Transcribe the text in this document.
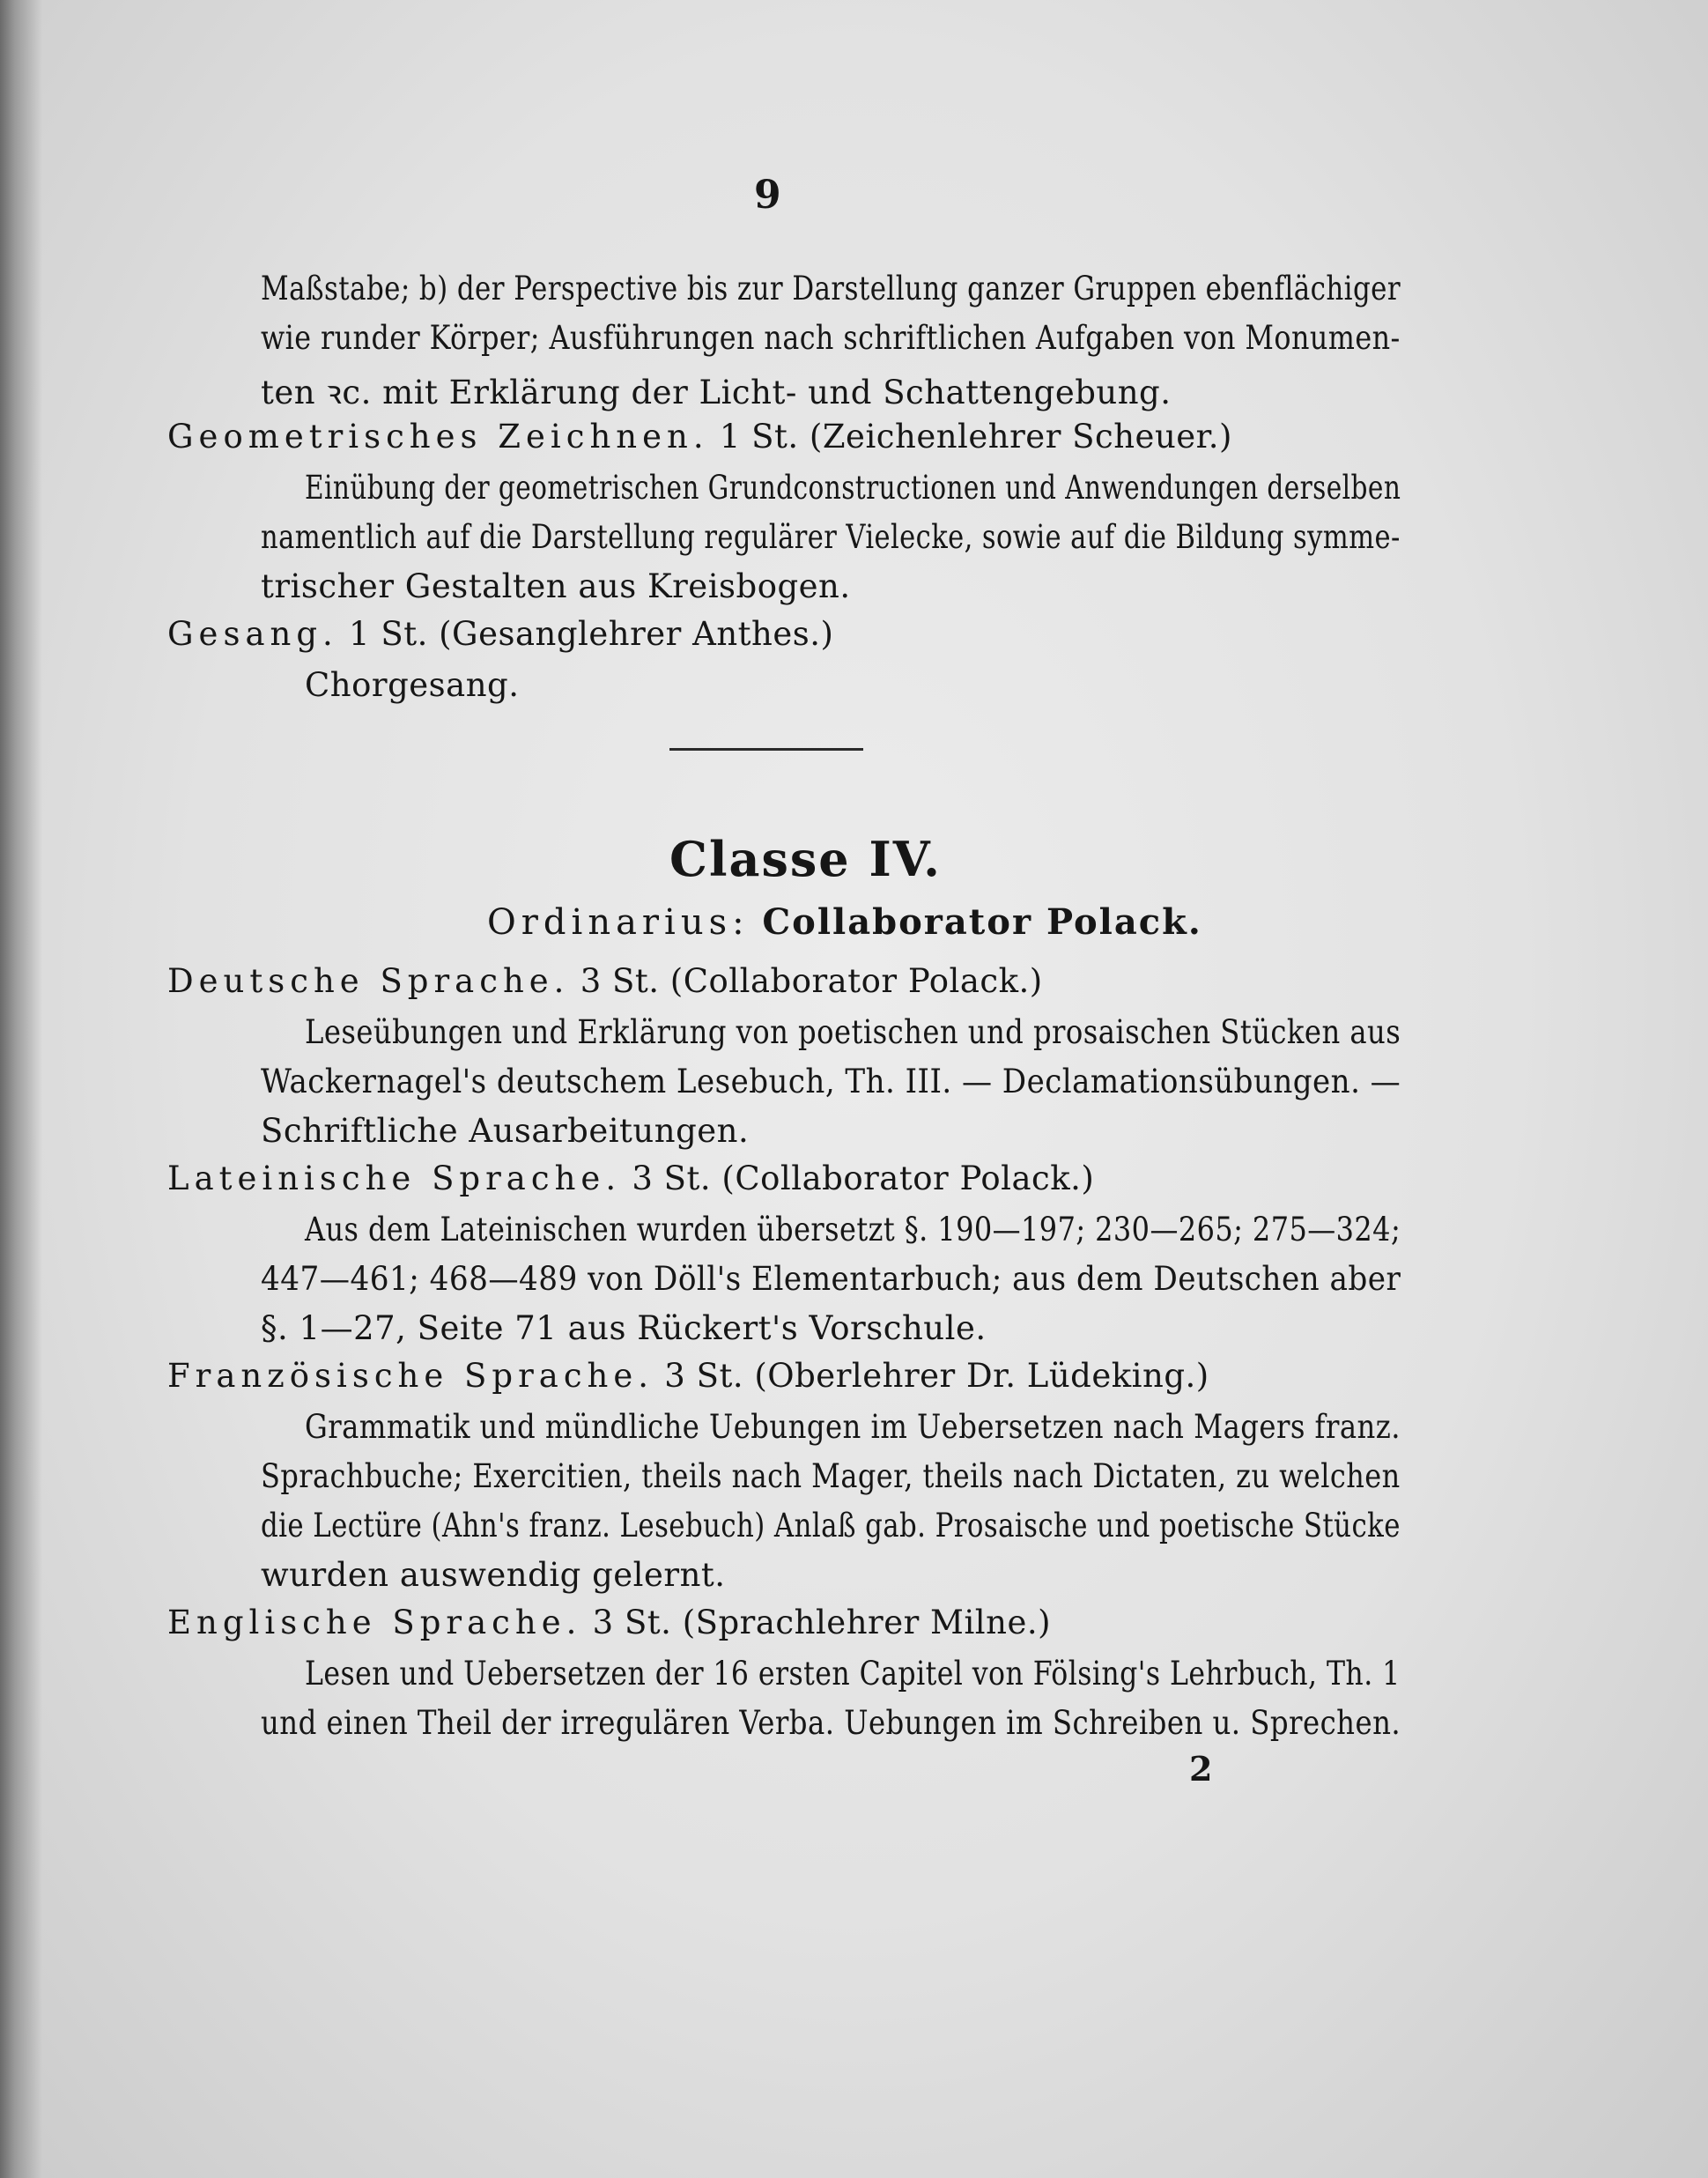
9
Maßstabe; b) der Perspective bis zur Darstellung ganzer Gruppen ebenflächiger
wie runder Körper; Ausführungen nach schriftlichen Aufgaben von Monumen-
ten ꝛc. mit Erklärung der Licht- und Schattengebung.
Geometrisches Zeichnen. 1 St. (Zeichenlehrer Scheuer.)
Einübung der geometrischen Grundconstructionen und Anwendungen derselben
namentlich auf die Darstellung regulärer Vielecke, sowie auf die Bildung symme-
trischer Gestalten aus Kreisbogen.
Gesang. 1 St. (Gesanglehrer Anthes.)
Chorgesang.
Classe IV.
Ordinarius: Collaborator Polack.
Deutsche Sprache. 3 St. (Collaborator Polack.)
Leseübungen und Erklärung von poetischen und prosaischen Stücken aus
Wackernagel's deutschem Lesebuch, Th. III. — Declamationsübungen. —
Schriftliche Ausarbeitungen.
Lateinische Sprache. 3 St. (Collaborator Polack.)
Aus dem Lateinischen wurden übersetzt §. 190—197; 230—265; 275—324;
447—461; 468—489 von Döll's Elementarbuch; aus dem Deutschen aber
§. 1—27, Seite 71 aus Rückert's Vorschule.
Französische Sprache. 3 St. (Oberlehrer Dr. Lüdeking.)
Grammatik und mündliche Uebungen im Uebersetzen nach Magers franz.
Sprachbuche; Exercitien, theils nach Mager, theils nach Dictaten, zu welchen
die Lectüre (Ahn's franz. Lesebuch) Anlaß gab. Prosaische und poetische Stücke
wurden auswendig gelernt.
Englische Sprache. 3 St. (Sprachlehrer Milne.)
Lesen und Uebersetzen der 16 ersten Capitel von Fölsing's Lehrbuch, Th. 1
und einen Theil der irregulären Verba. Uebungen im Schreiben u. Sprechen.
2
